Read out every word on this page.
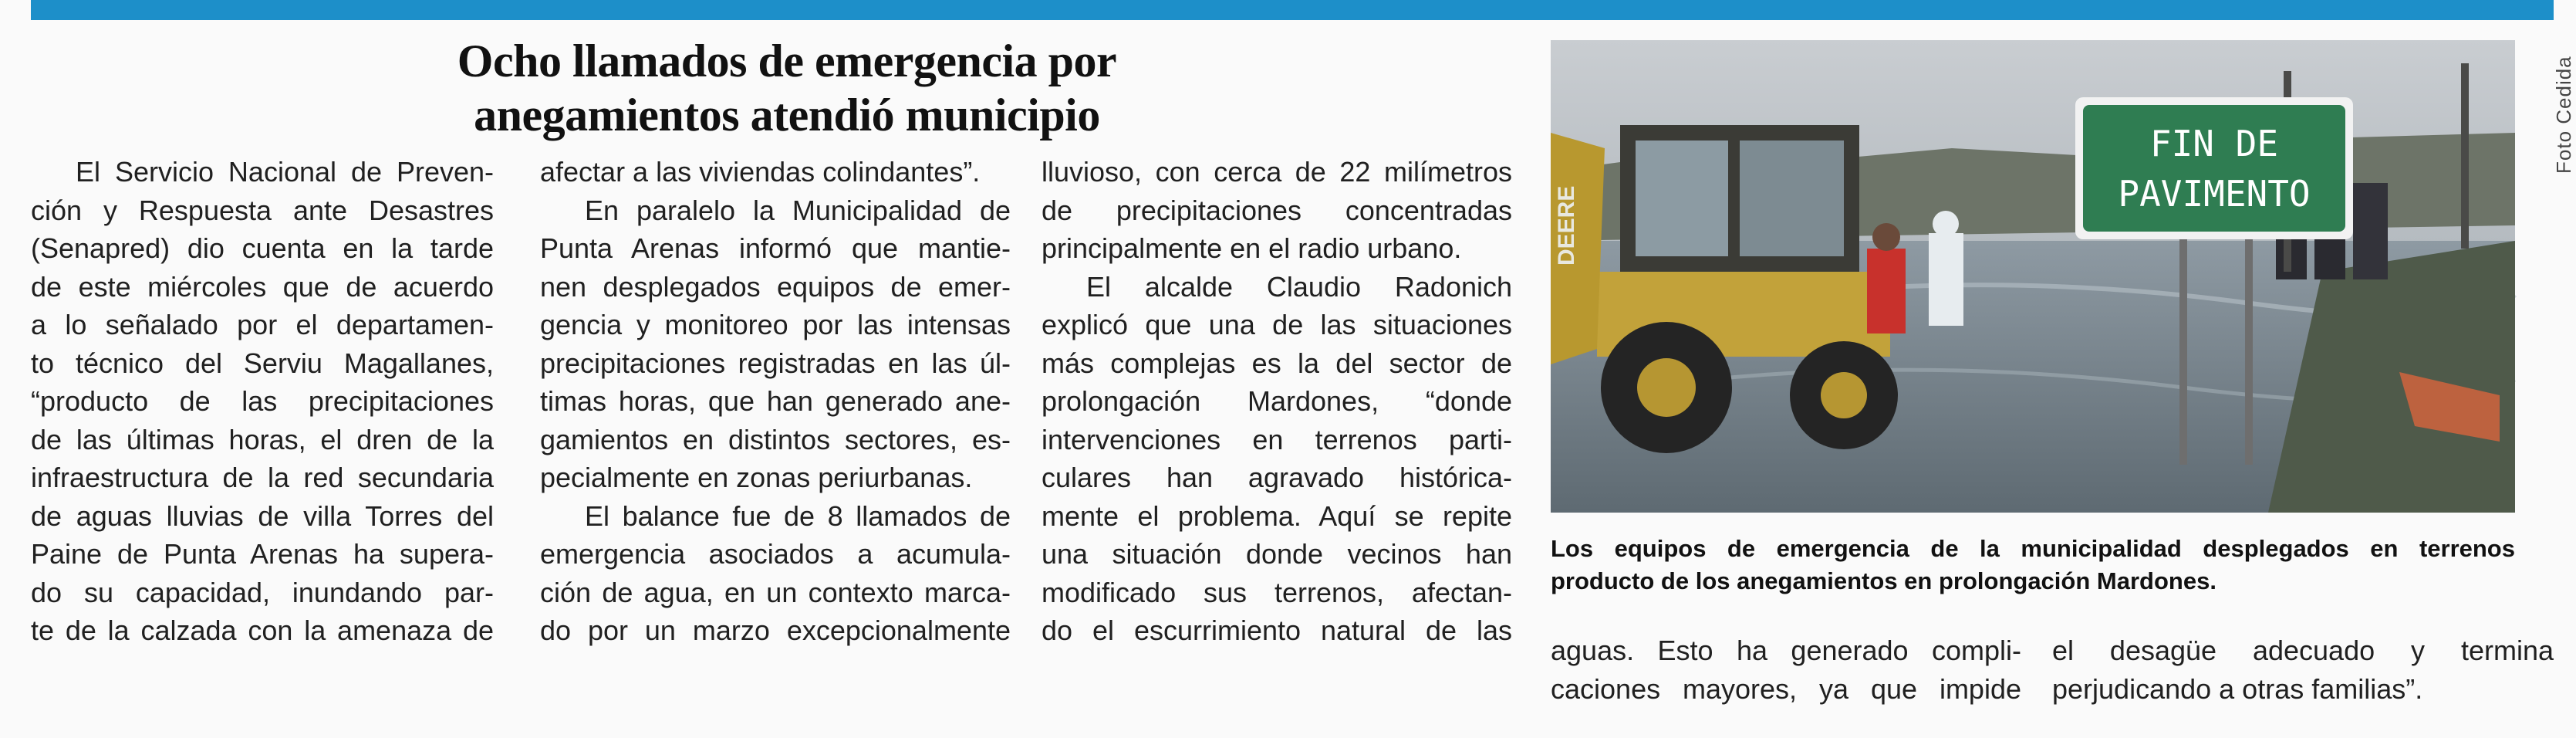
Ocho llamados de emergencia por
anegamientos atendió municipio
El Servicio Nacional de Preven-
ción y Respuesta ante Desastres
(Senapred) dio cuenta en la tarde
de este miércoles que de acuerdo
a lo señalado por el departamen-
to técnico del Serviu Magallanes,
“producto de las precipitaciones
de las últimas horas, el dren de la
infraestructura de la red secundaria
de aguas lluvias de villa Torres del
Paine de Punta Arenas ha supera-
do su capacidad, inundando par-
te de la calzada con la amenaza de
afectar a las viviendas colindantes”.
En paralelo la Municipalidad de
Punta Arenas informó que mantie-
nen desplegados equipos de emer-
gencia y monitoreo por las intensas
precipitaciones registradas en las úl-
timas horas, que han generado ane-
gamientos en distintos sectores, es-
pecialmente en zonas periurbanas.
El balance fue de 8 llamados de
emergencia asociados a acumula-
ción de agua, en un contexto marca-
do por un marzo excepcionalmente
lluvioso, con cerca de 22 milímetros
de precipitaciones concentradas
principalmente en el radio urbano.
El alcalde Claudio Radonich
explicó que una de las situaciones
más complejas es la del sector de
prolongación Mardones, “donde
intervenciones en terrenos parti-
culares han agravado históricа-
mente el problema. Aquí se repite
una situación donde vecinos han
modificado sus terrenos, afectan-
do el escurrimiento natural de las
aguas. Esto ha generado compli-
caciones mayores, ya que impide
el desagüe adecuado y termina
perjudicando a otras familias”.
DEERE
FIN DE
PAVIMENTO
Foto Cedida
Los equipos de emergencia de la municipalidad desplegados en terrenos
producto de los anegamientos en prolongación Mardones.
